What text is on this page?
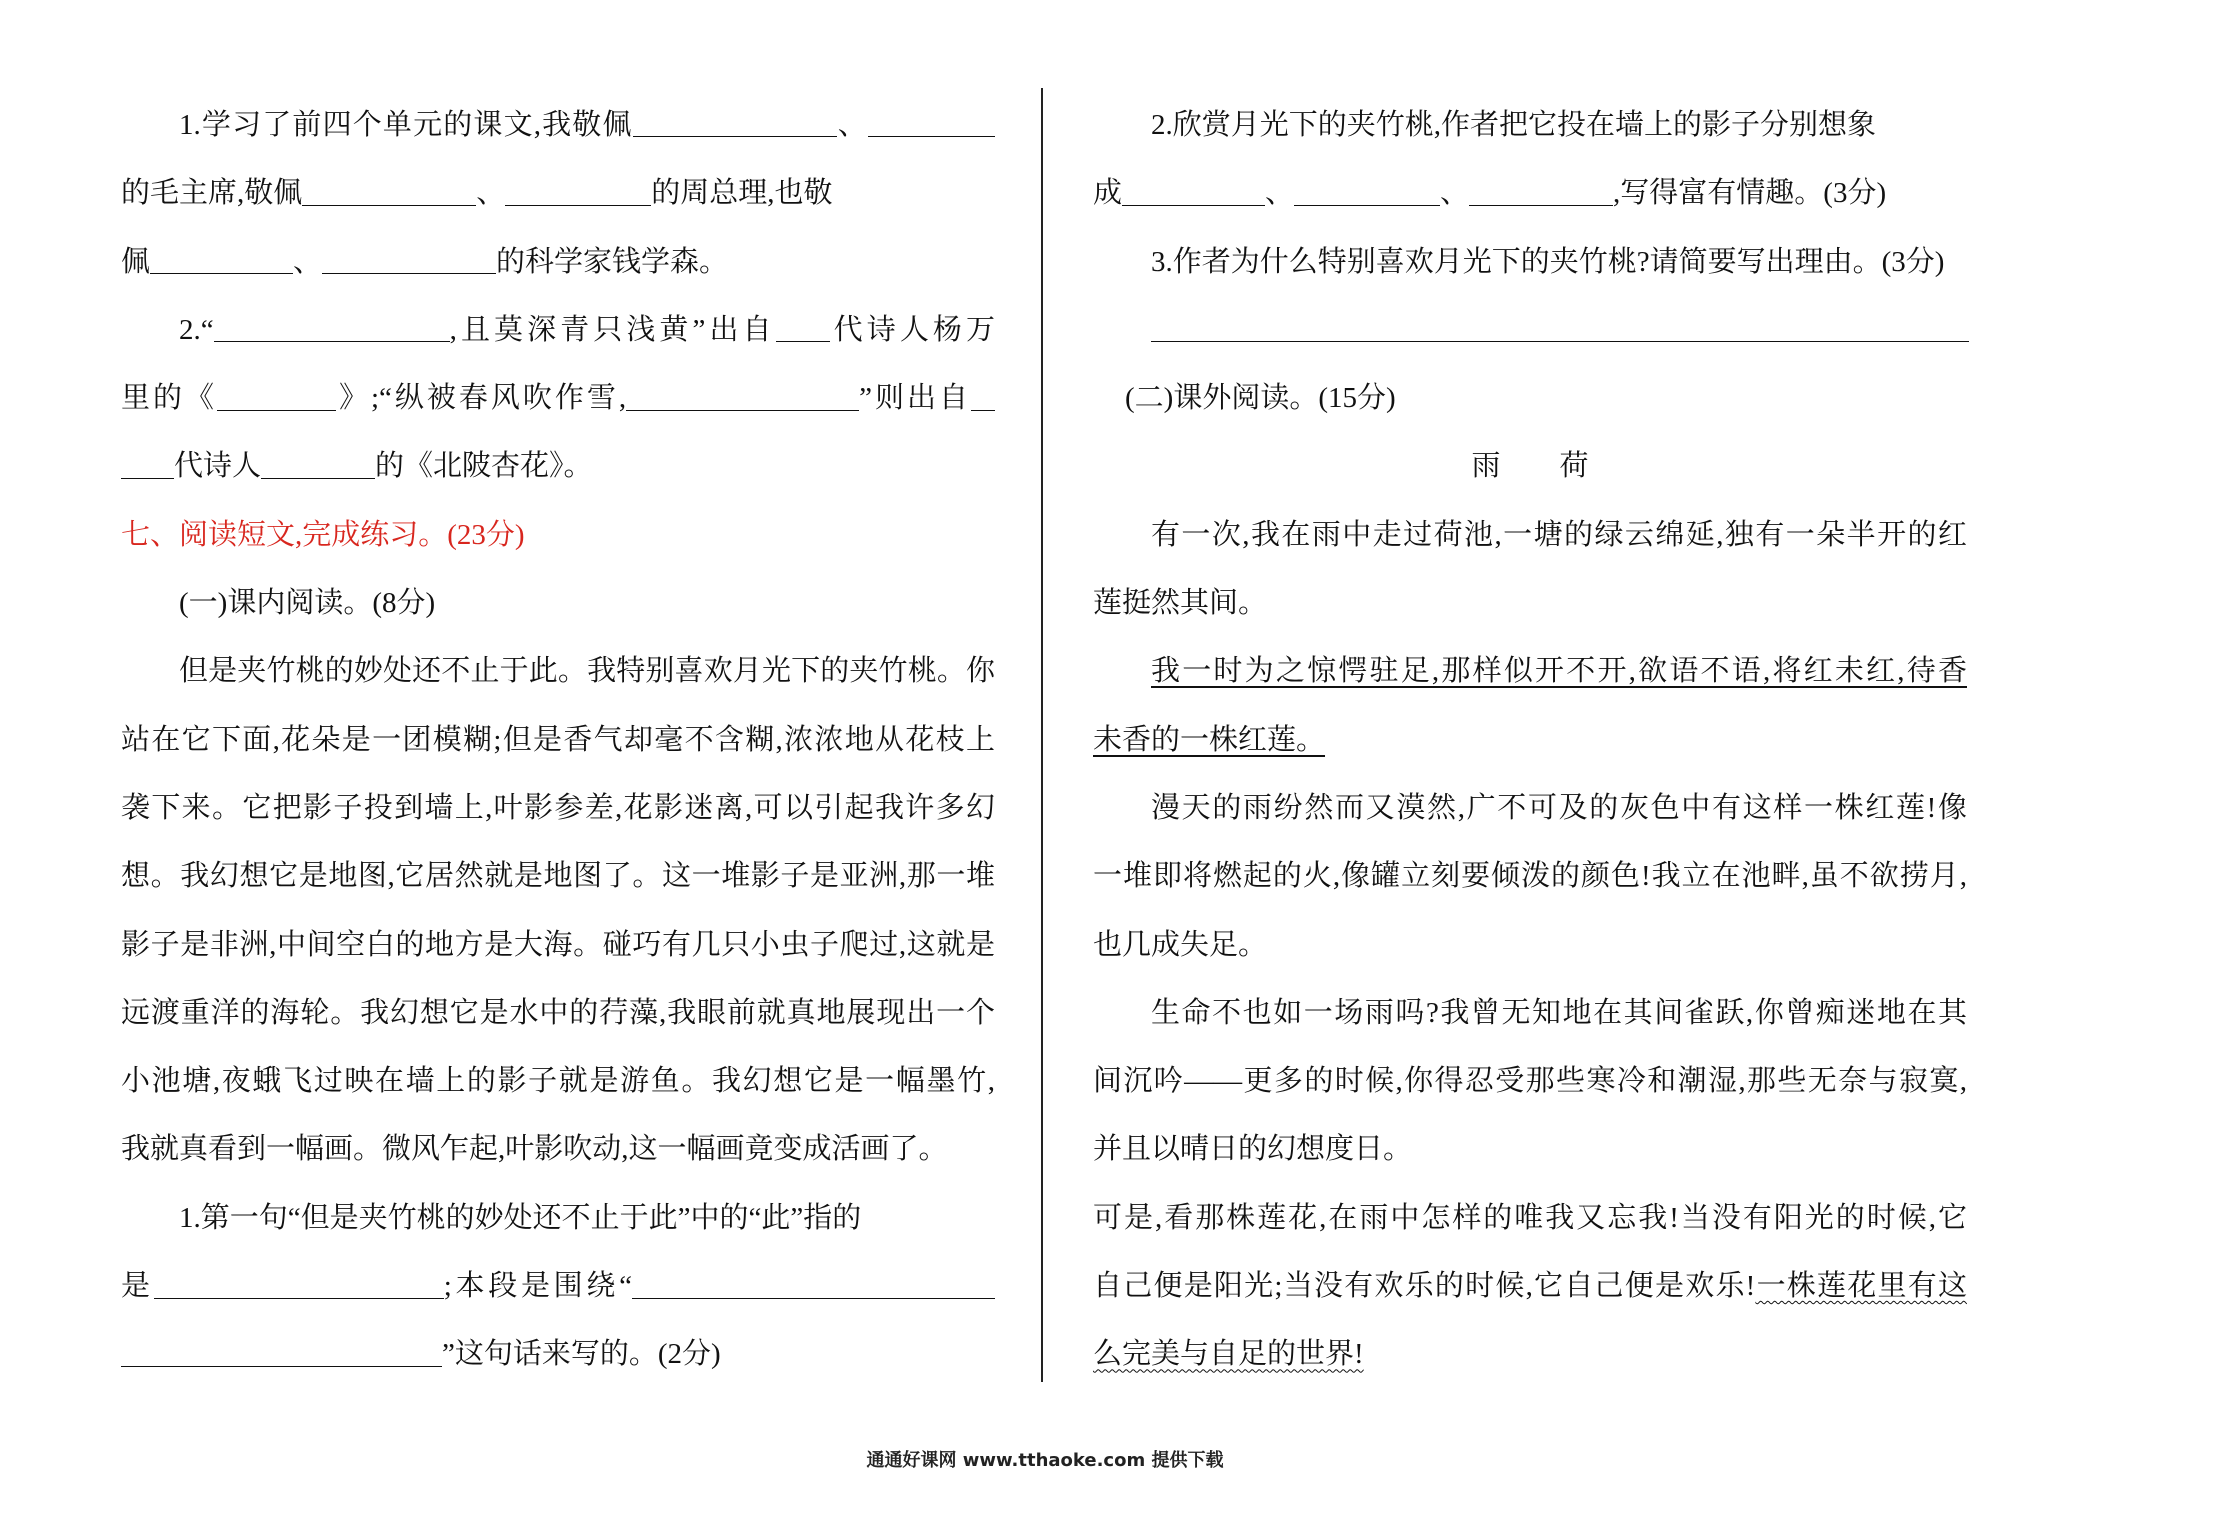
1.学习了前四个单元的课文,我敬佩	、
的毛主席,敬佩	、	的周总理,也敬
佩	、	的科学家钱学森。
2.“	,且莫深青只浅黄”出自 代诗人杨万
里的《	》;“纵被春风吹作雪,	”则出自
代诗人	的《北陂杏花》。
七、阅读短文,完成练习。(23分)
(一)课内阅读。(8分)
但是夹竹桃的妙处还不止于此。我特别喜欢月光下的夹竹桃。你
站在它下面,花朵是一团模糊;但是香气却毫不含糊,浓浓地从花枝上
袭下来。它把影子投到墙上,叶影参差,花影迷离,可以引起我许多幻
想。我幻想它是地图,它居然就是地图了。这一堆影子是亚洲,那一堆
影子是非洲,中间空白的地方是大海。碰巧有几只小虫子爬过,这就是
远渡重洋的海轮。我幻想它是水中的荇藻,我眼前就真地展现出一个
小池塘,夜蛾飞过映在墙上的影子就是游鱼。我幻想它是一幅墨竹,
我就真看到一幅画。微风乍起,叶影吹动,这一幅画竟变成活画了。
1.第一句“但是夹竹桃的妙处还不止于此”中的“此”指的
是	;本段是围绕“
”这句话来写的。(2分)
2.欣赏月光下的夹竹桃,作者把它投在墙上的影子分别想象
成	、	、	,写得富有情趣。(3分)
3.作者为什么特别喜欢月光下的夹竹桃?请简要写出理由。(3分)
(二)课外阅读。(15分)
雨荷
有一次,我在雨中走过荷池,一塘的绿云绵延,独有一朵半开的红
莲挺然其间。
我一时为之惊愕驻足,那样似开不开,欲语不语,将红未红,待香
未香的一株红莲。
漫天的雨纷然而又漠然,广不可及的灰色中有这样一株红莲!像
一堆即将燃起的火,像罐立刻要倾泼的颜色!我立在池畔,虽不欲捞月,
也几成失足。
生命不也如一场雨吗?我曾无知地在其间雀跃,你曾痴迷地在其
间沉吟——更多的时候,你得忍受那些寒冷和潮湿,那些无奈与寂寞,
并且以晴日的幻想度日。
可是,看那株莲花,在雨中怎样的唯我又忘我!当没有阳光的时候,它
自己便是阳光;当没有欢乐的时候,它自己便是欢乐!一株莲花里有这
么完美与自足的世界!
通通好课网 www.tthaoke.com 提供下载
